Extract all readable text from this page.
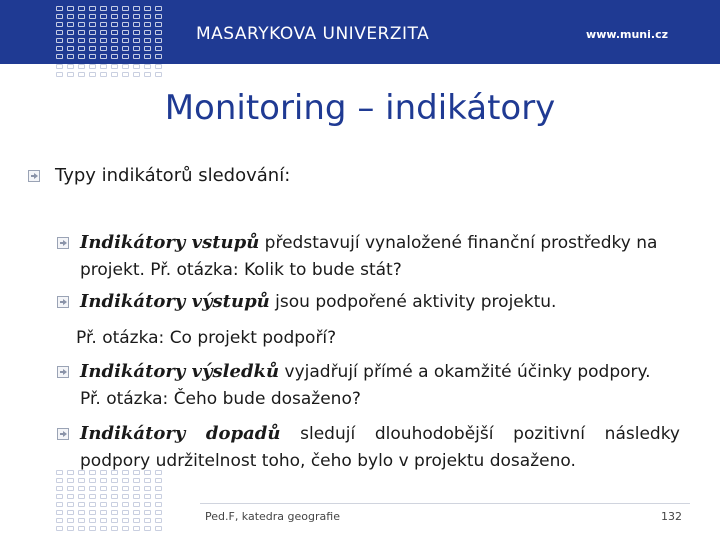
MASARYKOVA UNIVERZITA	www.muni.cz
Monitoring – indikátory
Typy indikátorů sledování:
Indikátory vstupů představují vynaložené finanční prostředky na
projekt. Př. otázka: Kolik to bude stát?
Indikátory výstupů jsou podpořené aktivity projektu.
Př. otázka: Co projekt podpoří?
Indikátory výsledků vyjadřují přímé a okamžité účinky podpory.
Př. otázka: Čeho bude dosaženo?
Indikátory dopadů sledují dlouhodobější pozitivní následky
podpory udržitelnost toho, čeho bylo v projektu dosaženo.
Ped.F, katedra geografie	132
